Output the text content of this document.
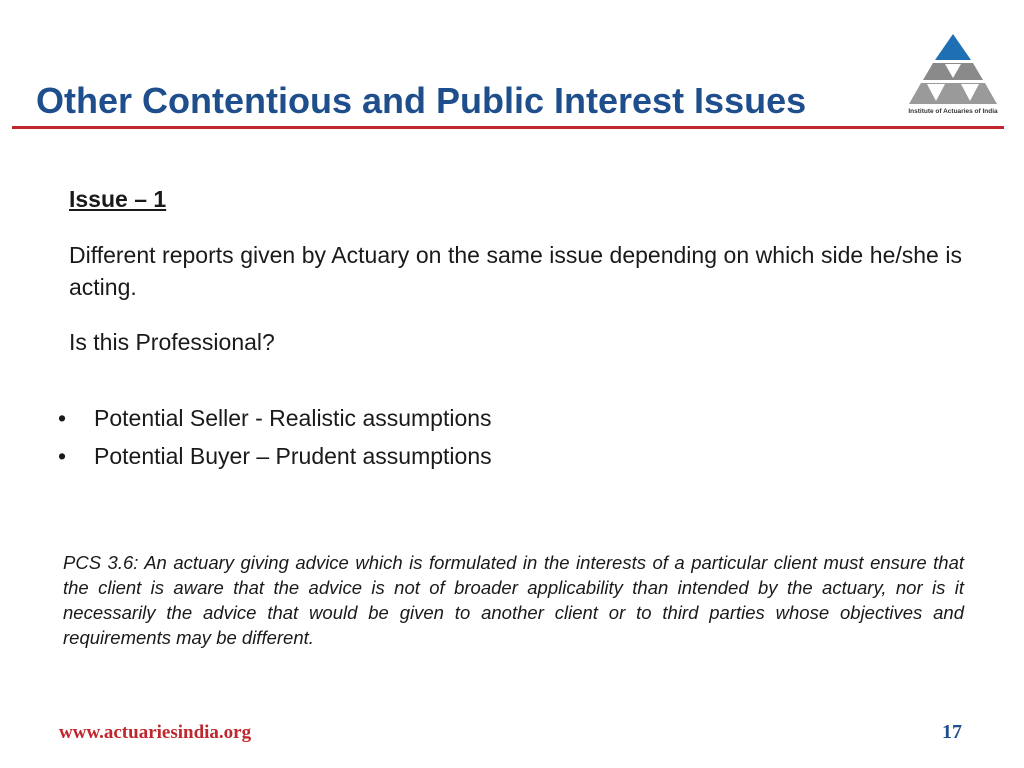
Other Contentious and Public Interest Issues	Institute of Actuaries of India
Issue – 1
Different reports given by Actuary on the same issue depending on which side he/she is acting.
Is this Professional?
•	Potential Seller - Realistic assumptions
•	Potential Buyer – Prudent assumptions
PCS 3.6: An actuary giving advice which is formulated in the interests of a particular client must ensure that the client is aware that the advice is not of broader applicability than intended by the actuary, nor is it necessarily the advice that would be given to another client or to third parties whose objectives and requirements may be different.
www.actuariesindia.org	17
